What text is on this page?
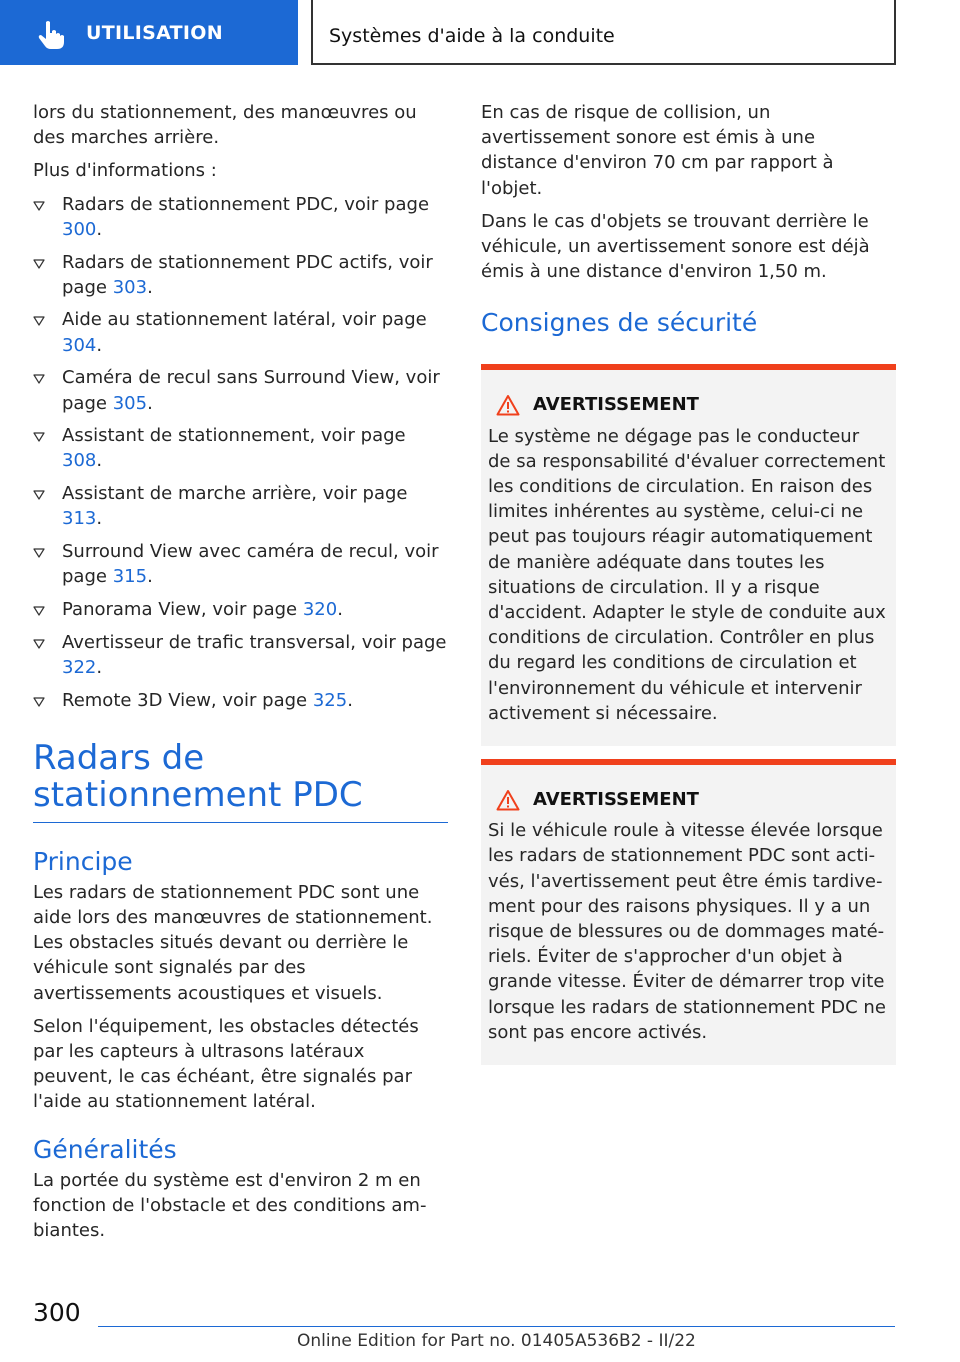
UTILISATION	Systèmes d'aide à la conduite

lors du stationnement, des manœuvres ou des marches arrière.

Plus d'informations :

Radars de stationnement PDC, voir page 300.
Radars de stationnement PDC actifs, voir page 303.
Aide au stationnement latéral, voir page 304.
Caméra de recul sans Surround View, voir page 305.
Assistant de stationnement, voir page 308.
Assistant de marche arrière, voir page 313.
Surround View avec caméra de recul, voir page 315.
Panorama View, voir page 320.
Avertisseur de trafic transversal, voir page 322.
Remote 3D View, voir page 325.
Radars de stationnement PDC
Principe

Les radars de stationnement PDC sont une aide lors des manœuvres de stationnement. Les obstacles situés devant ou derrière le véhicule sont signalés par des avertissements acoustiques et visuels.

Selon l'équipement, les obstacles détectés par les capteurs à ultrasons latéraux peuvent, le cas échéant, être signalés par l'aide au stationnement latéral.

Généralités

La portée du système est d'environ 2 m en fonction de l'obstacle et des conditions ambiantes.

En cas de risque de collision, un avertissement sonore est émis à une distance d'environ 70 cm par rapport à l'objet.

Dans le cas d'objets se trouvant derrière le véhicule, un avertissement sonore est déjà émis à une distance d'environ 1,50 m.

Consignes de sécurité
AVERTISSEMENT
Le système ne dégage pas le conducteur de sa responsabilité d'évaluer correctement les conditions de circulation. En raison des limites inhérentes au système, celui-ci ne peut pas toujours réagir automatiquement de manière adéquate dans toutes les situations de circulation. Il y a risque d'accident. Adapter le style de conduite aux conditions de circulation. Contrôler en plus du regard les conditions de circulation et l'environnement du véhicule et intervenir activement si nécessaire.
AVERTISSEMENT
Si le véhicule roule à vitesse élevée lorsque les radars de stationnement PDC sont activés, l'avertissement peut être émis tardivement pour des raisons physiques. Il y a un risque de blessures ou de dommages matériels. Éviter de s'approcher d'un objet à grande vitesse. Éviter de démarrer trop vite lorsque les radars de stationnement PDC ne sont pas encore activés.
300
Online Edition for Part no. 01405A536B2 - II/22
